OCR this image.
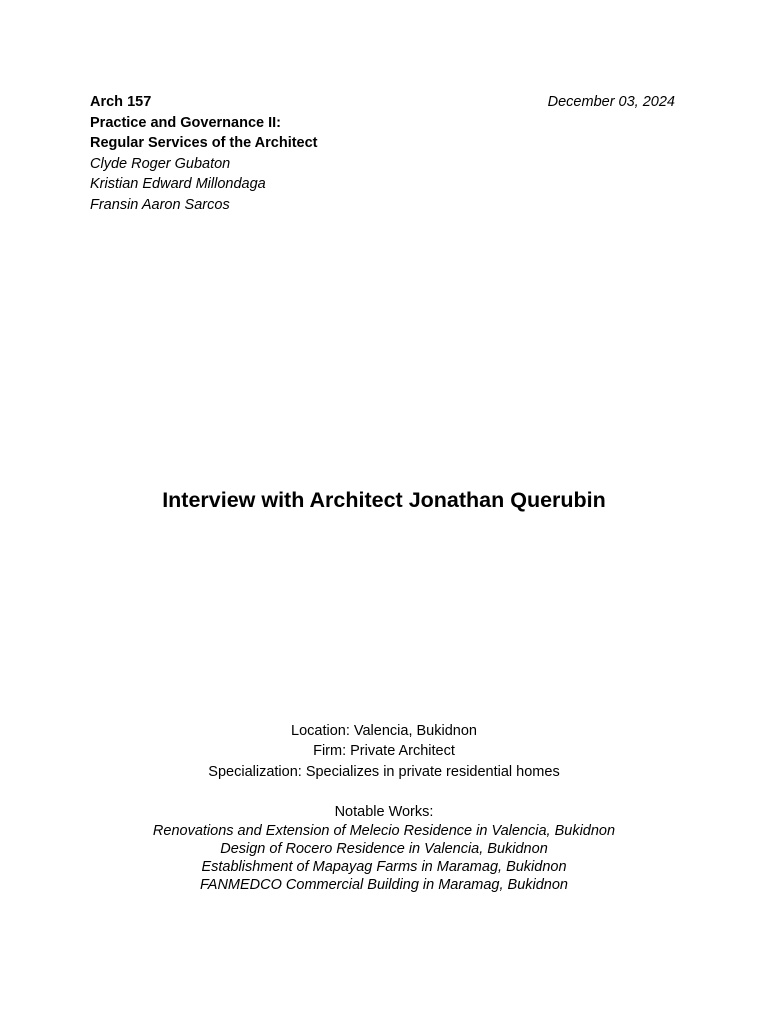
Arch 157
Practice and Governance II:
Regular Services of the Architect
Clyde Roger Gubaton
Kristian Edward Millondaga
Fransin Aaron Sarcos
December 03, 2024
Interview with Architect Jonathan Querubin
Location: Valencia, Bukidnon
Firm: Private Architect
Specialization: Specializes in private residential homes
Notable Works:
Renovations and Extension of Melecio Residence in Valencia, Bukidnon
Design of Rocero Residence in Valencia, Bukidnon
Establishment of Mapayag Farms in Maramag, Bukidnon
FANMEDCO Commercial Building in Maramag, Bukidnon
